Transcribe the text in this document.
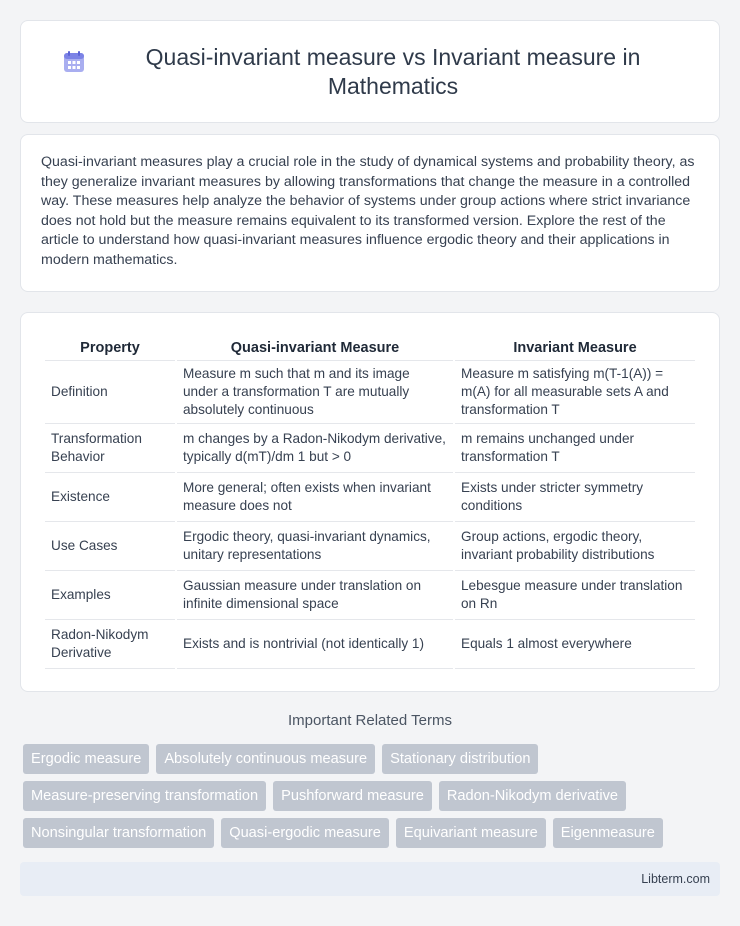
Quasi-invariant measure vs Invariant measure in Mathematics

Quasi-invariant measures play a crucial role in the study of dynamical systems and probability theory, as they generalize invariant measures by allowing transformations that change the measure in a controlled way. These measures help analyze the behavior of systems under group actions where strict invariance does not hold but the measure remains equivalent to its transformed version. Explore the rest of the article to understand how quasi-invariant measures influence ergodic theory and their applications in modern mathematics.

Property	Quasi-invariant Measure	Invariant Measure
Definition	Measure m such that m and its image under a transformation T are mutually absolutely continuous	Measure m satisfying m(T-1(A)) = m(A) for all measurable sets A and transformation T
Transformation Behavior	m changes by a Radon-Nikodym derivative, typically d(mT)/dm 1 but > 0	m remains unchanged under transformation T
Existence	More general; often exists when invariant measure does not	Exists under stricter symmetry conditions
Use Cases	Ergodic theory, quasi-invariant dynamics, unitary representations	Group actions, ergodic theory, invariant probability distributions
Examples	Gaussian measure under translation on infinite dimensional space	Lebesgue measure under translation on Rn
Radon-Nikodym Derivative	Exists and is nontrivial (not identically 1)	Equals 1 almost everywhere
Important Related Terms
Ergodic measure	Absolutely continuous measure	Stationary distribution
Measure-preserving transformation	Pushforward measure	Radon-Nikodym derivative
Nonsingular transformation	Quasi-ergodic measure	Equivariant measure	Eigenmeasure
Libterm.com
